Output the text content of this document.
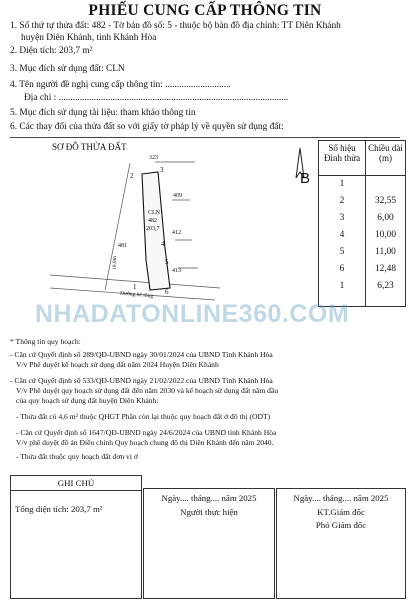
PHIẾU CUNG CẤP THÔNG TIN
1. Số thứ tự thửa đất: 482 - Tờ bản đồ số: 5 - thuộc bộ bản đồ địa chính: TT Diên Khánh
huyện Diên Khánh, tỉnh Khánh Hòa
2. Diện tích: 203,7 m²
3. Mục đích sử dụng đất: CLN
4. Tên người đề nghị cung cấp thông tin: ............................
Địa chỉ : ..................................................................................................
5. Mục đích sử dụng tài liệu: tham khảo thông tin
6. Các thay đổi của thửa đất so với giấy tờ pháp lý về quyền sử dụng đất:
SƠ ĐỒ THỬA ĐẤT
B
323
409
412
413
481
CLN
482
203,7
2
3
4
5
1
6
10,0m
Đường bê tông
Số hiệu Đỉnh thửa
Chiều dài (m)
1
2	32,55
3	6,00
4	10,00
5	11,00
6	12,48
1	6,23
NHADATONLINE360.COM
* Thông tin quy hoạch:
- Căn cứ Quyết định số 289/QĐ-UBND ngày 30/01/2024 của UBND Tỉnh Khánh Hòa
V/v Phê duyệt kế hoạch sử dụng đất năm 2024 Huyện Diên Khánh
- Căn cứ Quyết định số 533/QĐ-UBND ngày 21/02/2022 của UBND Tỉnh Khánh Hòa
V/v Phê duyệt quy hoạch sử dụng đất đến năm 2030 và kế hoạch sử dụng đất năm đầu
của quy hoạch sử dụng đất huyện Diên Khánh:
- Thửa đất có 4,6 m² thuộc QHGT Phần còn lại thuộc quy hoạch đất ở đô thị (ODT)
- Căn cứ Quyết định số 1647/QĐ-UBND ngày 24/6/2024 của UBND tỉnh Khánh Hòa
V/v phê duyệt đồ án Điều chỉnh Quy hoạch chung đô thị Diên Khánh đến năm 2040.
- Thửa đất thuộc quy hoạch đất đơn vị ở
GHI CHÚ
Tổng diện tích: 203,7 m²
Ngày.... tháng.... năm 2025
Người thực hiện
Ngày.... tháng.... năm 2025
KT.Giám đốc
Phó Giám đốc
